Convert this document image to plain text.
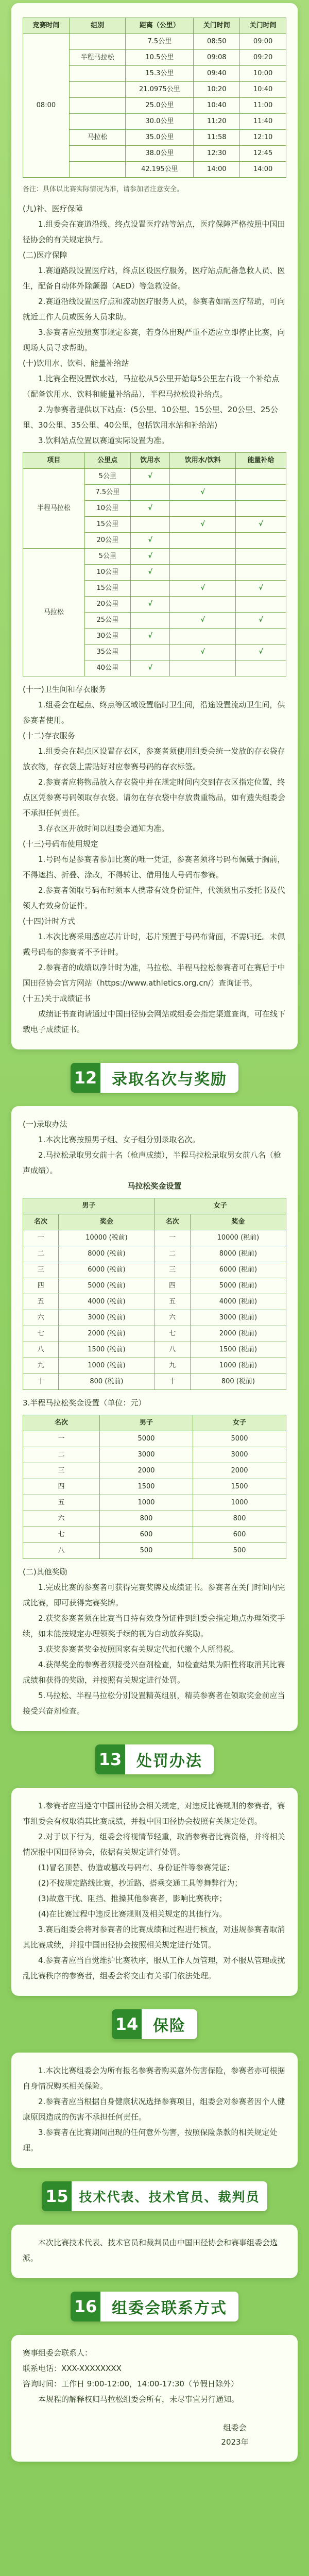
竞赛时间	组别	距离（公里）	关门时间	关门时间
08:00		7.5公里	08:50	09:00
	半程马拉松	10.5公里	09:08	09:20
		15.3公里	09:40	10:00
		21.0975公里	10:20	10:40
		25.0公里	10:40	11:00
		30.0公里	11:20	11:40
	马拉松	35.0公里	11:58	12:10
		38.0公里	12:30	12:45
		42.195公里	14:00	14:00

备注：具体以比赛实际情况为准，请参加者注意安全。

(九)补、医疗保障

1.组委会在赛道沿线、终点设置医疗站等站点，医疗保障严格按照中国田径协会的有关规定执行。

(二)医疗保障

1.赛道路段设置医疗站，终点区设医疗服务，医疗站点配备急救人员、医生，配备自动体外除颤器（AED）等急救设备。

2.赛道沿线设置医疗点和流动医疗服务人员，参赛者如需医疗帮助，可向就近工作人员或医务人员求助。

3.参赛者应按照赛事规定参赛，若身体出现严重不适应立即停止比赛，向现场人员寻求帮助。

(十)饮用水、饮料、能量补给站

1.比赛全程设置饮水站，马拉松从5公里开始每5公里左右设一个补给点（配备饮用水、饮料和能量补给品），半程马拉松设补给点。

2.为参赛者提供以下站点：(5公里、10公里、15公里、20公里、25公里、30公里、35公里、40公里，包括饮用水站和补给站)

3.饮料站点位置以赛道实际设置为准。

项目	公里点	饮用水	饮用水/饮料	能量补给
半程马拉松	5公里	√		
	7.5公里		√	
	10公里	√		
	15公里		√	√
	20公里	√		
马拉松	5公里	√		
	10公里	√		
	15公里		√	√
	20公里	√		
	25公里		√	√
	30公里	√		
	35公里		√	√
	40公里	√		

(十一)卫生间和存衣服务

1.组委会在起点、终点等区域设置临时卫生间，沿途设置流动卫生间，供参赛者使用。

(十二)存衣服务

1.组委会在起点区设置存衣区，参赛者须使用组委会统一发放的存衣袋存放衣物，存衣袋上需贴好对应参赛号码的存衣标签。

2.参赛者应将物品放入存衣袋中并在规定时间内交到存衣区指定位置，终点区凭参赛号码领取存衣袋。请勿在存衣袋中存放贵重物品，如有遗失组委会不承担任何责任。

3.存衣区开放时间以组委会通知为准。

(十三)号码布使用规定

1.号码布是参赛者参加比赛的唯一凭证，参赛者须将号码布佩戴于胸前，不得遮挡、折叠、涂改，不得转让、借用他人号码布参赛。

2.参赛者领取号码布时须本人携带有效身份证件，代领须出示委托书及代领人有效身份证件。

(十四)计时方式

1.本次比赛采用感应芯片计时，芯片预置于号码布背面，不需归还。未佩戴号码布的参赛者不予计时。

2.参赛者的成绩以净计时为准，马拉松、半程马拉松参赛者可在赛后于中国田径协会官方网站（https://www.athletics.org.cn/）查询证书。

(十五)关于成绩证书

成绩证书查询请通过中国田径协会网站或组委会指定渠道查询，可在线下载电子成绩证书。

12 录取名次与奖励

(一)录取办法

1.本次比赛按照男子组、女子组分别录取名次。

2.马拉松录取男女前十名（枪声成绩），半程马拉松录取男女前八名（枪声成绩）。

马拉松奖金设置

男子		女子	
名次	奖金	名次	奖金
一	10000 (税前)	一	10000 (税前)
二	8000 (税前)	二	8000 (税前)
三	6000 (税前)	三	6000 (税前)
四	5000 (税前)	四	5000 (税前)
五	4000 (税前)	五	4000 (税前)
六	3000 (税前)	六	3000 (税前)
七	2000 (税前)	七	2000 (税前)
八	1500 (税前)	八	1500 (税前)
九	1000 (税前)	九	1000 (税前)
十	800 (税前)	十	800 (税前)

3.半程马拉松奖金设置（单位：元）

名次	男子	女子
一	5000	5000
二	3000	3000
三	2000	2000
四	1500	1500
五	1000	1000
六	800	800
七	600	600
八	500	500

(二)其他奖励

1.完成比赛的参赛者可获得完赛奖牌及成绩证书。参赛者在关门时间内完成比赛，即可获得完赛奖牌。

2.获奖参赛者须在比赛当日持有效身份证件到组委会指定地点办理领奖手续，如未能按规定办理领奖手续的视为自动放弃奖励。

3.获奖参赛者奖金按照国家有关规定代扣代缴个人所得税。

4.获得奖金的参赛者须接受兴奋剂检查，如检查结果为阳性将取消其比赛成绩和获得的奖励，并按照有关规定进行处罚。

5.马拉松、半程马拉松分别设置精英组别，精英参赛者在领取奖金前应当接受兴奋剂检查。

13 处罚办法

1.参赛者应当遵守中国田径协会相关规定，对违反比赛规则的参赛者，赛事组委会有权取消其比赛成绩，并报中国田径协会按照有关规定处罚。

2.对于以下行为，组委会将视情节轻重，取消参赛者比赛资格，并将相关情况报中国田径协会，依据有关规定进行处罚。

(1)冒名顶替、伪造或篡改号码布、身份证件等参赛凭证；

(2)不按规定路线比赛，抄近路、搭乘交通工具等舞弊行为；

(3)故意干扰、阻挡、推搡其他参赛者，影响比赛秩序；

(4)在比赛过程中违反比赛规则及相关规定的其他行为。

3.赛后组委会将对参赛者的比赛成绩和过程进行核查，对违规参赛者取消其比赛成绩，并报中国田径协会按照相关规定进行处罚。

4.参赛者应当自觉维护比赛秩序，服从工作人员管理，对不服从管理或扰乱比赛秩序的参赛者，组委会将交由有关部门依法处理。

14 保险

1.本次比赛组委会为所有报名参赛者购买意外伤害保险，参赛者亦可根据自身情况购买相关保险。

2.参赛者应当根据自身健康状况选择参赛项目，组委会对参赛者因个人健康原因造成的伤害不承担任何责任。

3.参赛者在比赛期间出现的任何意外伤害，按照保险条款的相关规定处理。

15 技术代表、技术官员、裁判员

本次比赛技术代表、技术官员和裁判员由中国田径协会和赛事组委会选派。

16 组委会联系方式

赛事组委会联系人：

联系电话：XXX-XXXXXXXX

咨询时间：工作日 9:00-12:00，14:00-17:30（节假日除外）

本规程的解释权归马拉松组委会所有，未尽事宜另行通知。

组委会
2023年
